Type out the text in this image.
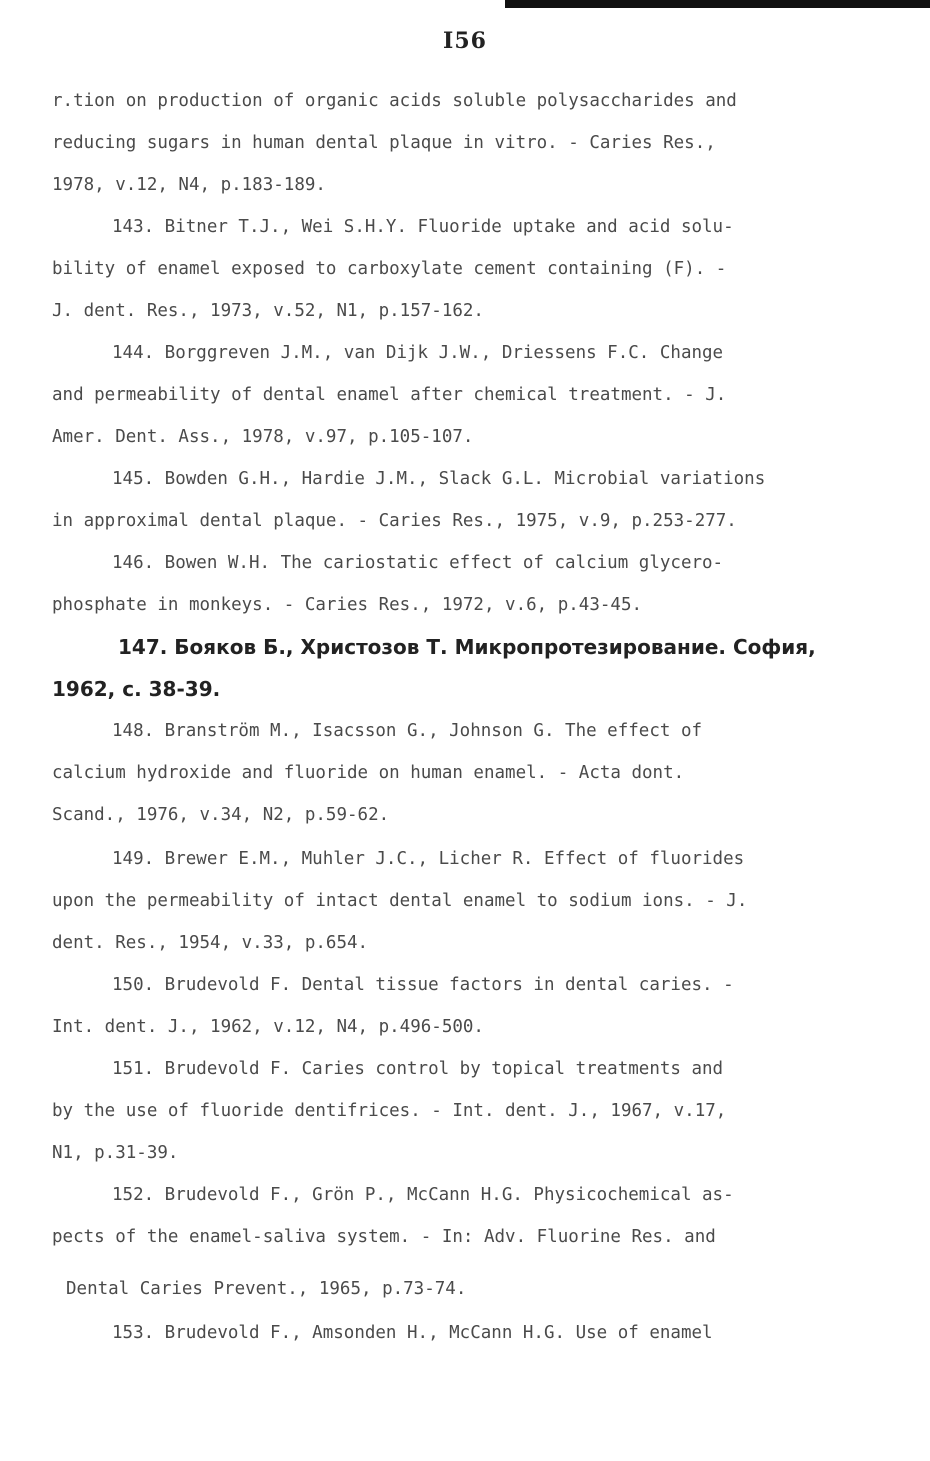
I56
r.tion on production of organic acids soluble polysaccharides and
reducing sugars in human dental plaque in vitro. - Caries Res.,
1978, v.12, N4, p.183-189.
143. Bitner T.J., Wei S.H.Y. Fluoride uptake and acid solu-
bility of enamel exposed to carboxylate cement containing (F). -
J. dent. Res., 1973, v.52, N1, p.157-162.
144. Borggreven J.M., van Dijk J.W., Driessens F.C. Change
and permeability of dental enamel after chemical treatment. - J.
Amer. Dent. Ass., 1978, v.97, p.105-107.
145. Bowden G.H., Hardie J.M., Slack G.L. Microbial variations
in approximal dental plaque. - Caries Res., 1975, v.9, p.253-277.
146. Bowen W.H. The cariostatic effect of calcium glycero-
phosphate in monkeys. - Caries Res., 1972, v.6, p.43-45.
147. Бояков Б., Христозов Т. Микропротезирование. София,
1962, с. 38-39.
148. Branström M., Isacsson G., Johnson G. The effect of
calcium hydroxide and fluoride on human enamel. - Acta dont.
Scand., 1976, v.34, N2, p.59-62.
149. Brewer E.M., Muhler J.C., Licher R. Effect of fluorides
upon the permeability of intact dental enamel to sodium ions. - J.
dent. Res., 1954, v.33, p.654.
150. Brudevold F. Dental tissue factors in dental caries. -
Int. dent. J., 1962, v.12, N4, p.496-500.
151. Brudevold F. Caries control by topical treatments and
by the use of fluoride dentifrices. - Int. dent. J., 1967, v.17,
N1, p.31-39.
152. Brudevold F., Grön P., McCann H.G. Physicochemical as-
pects of the enamel-saliva system. - In: Adv. Fluorine Res. and
Dental Caries Prevent., 1965, p.73-74.
153. Brudevold F., Amsonden H., McCann H.G. Use of enamel
